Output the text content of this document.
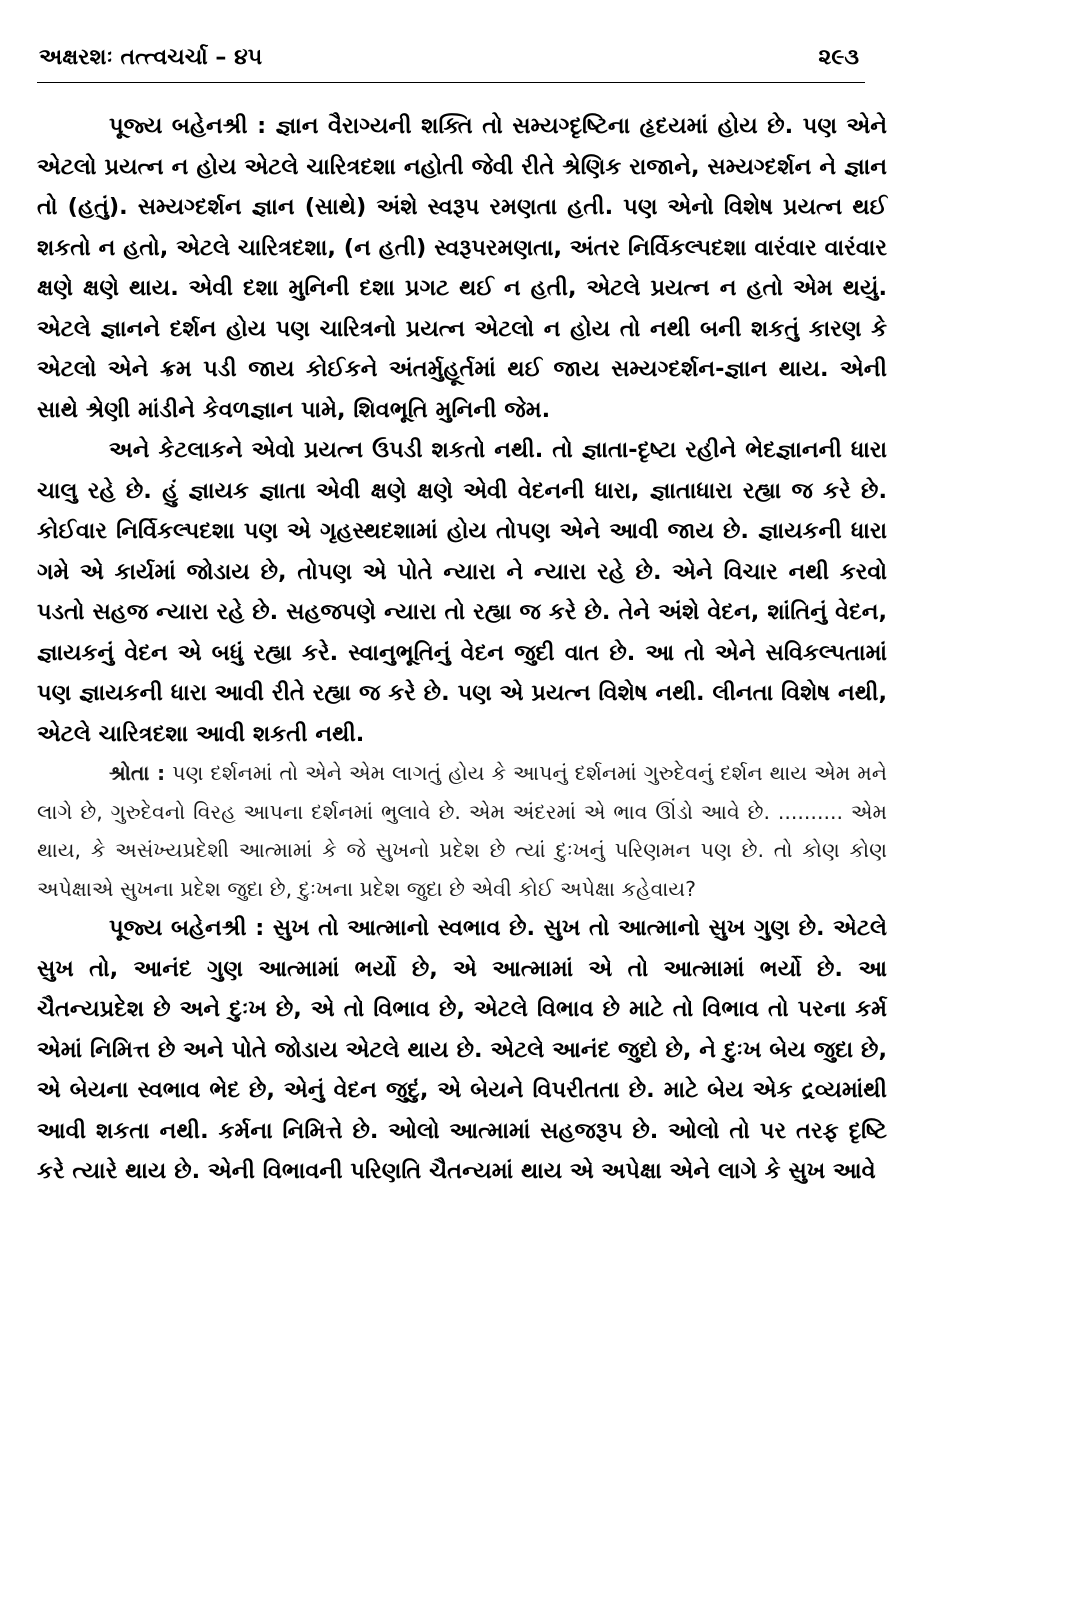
અક્ષરશઃ તત્ત્વચર્ચા – ૪૫	૨૯૩

પૂજ્ય બહેનશ્રી : જ્ઞાન વૈરાગ્યની શક્તિ તો સમ્યગ્દૃષ્ટિના હૃદયમાં હોય છે. પણ એને એટલો પ્રયત્ન ન હોય એટલે ચારિત્રદશા નહોતી જેવી રીતે શ્રેણિક રાજાને, સમ્યગ્દર્શન ને જ્ઞાન તો (હતું). સમ્યગ્દર્શન જ્ઞાન (સાથે) અંશે સ્વરૂપ રમણતા હતી. પણ એનો વિશેષ પ્રયત્ન થઈ શકતો ન હતો, એટલે ચારિત્રદશા, (ન હતી) સ્વરૂપરમણતા, અંતર નિર્વિકલ્પદશા વારંવાર વારંવાર ક્ષણે ક્ષણે થાય. એવી દશા મુનિની દશા પ્રગટ થઈ ન હતી, એટલે પ્રયત્ન ન હતો એમ થયું. એટલે જ્ઞાનને દર્શન હોય પણ ચારિત્રનો પ્રયત્ન એટલો ન હોય તો નથી બની શકતું કારણ કે એટલો એને ક્રમ પડી જાય કોઈકને અંતર્મુહૂર્તમાં થઈ જાય સમ્યગ્દર્શન-જ્ઞાન થાય. એની સાથે શ્રેણી માંડીને કેવળજ્ઞાન પામે, શિવભૂતિ મુનિની જેમ.

અને કેટલાકને એવો પ્રયત્ન ઉપડી શકતો નથી. તો જ્ઞાતા-દૃષ્ટા રહીને ભેદજ્ઞાનની ધારા ચાલુ રહે છે. હું જ્ઞાયક જ્ઞાતા એવી ક્ષણે ક્ષણે એવી વેદનની ધારા, જ્ઞાતાધારા રહ્યા જ કરે છે. કોઈવાર નિર્વિકલ્પદશા પણ એ ગૃહસ્થદશામાં હોય તોપણ એને આવી જાય છે. જ્ઞાયકની ધારા ગમે એ કાર્યમાં જોડાય છે, તોપણ એ પોતે ન્યારા ને ન્યારા રહે છે. એને વિચાર નથી કરવો પડતો સહજ ન્યારા રહે છે. સહજપણે ન્યારા તો રહ્યા જ કરે છે. તેને અંશે વેદન, શાંતિનું વેદન, જ્ઞાયકનું વેદન એ બધું રહ્યા કરે. સ્વાનુભૂતિનું વેદન જુદી વાત છે. આ તો એને સવિકલ્પતામાં પણ જ્ઞાયકની ધારા આવી રીતે રહ્યા જ કરે છે. પણ એ પ્રયત્ન વિશેષ નથી. લીનતા વિશેષ નથી, એટલે ચારિત્રદશા આવી શકતી નથી.

શ્રોતા : પણ દર્શનમાં તો એને એમ લાગતું હોય કે આપનું દર્શનમાં ગુરુદેવનું દર્શન થાય એમ મને લાગે છે, ગુરુદેવનો વિરહ આપના દર્શનમાં ભુલાવે છે. એમ અંદરમાં એ ભાવ ઊંડો આવે છે. .......... એમ થાય, કે અસંખ્યપ્રદેશી આત્મામાં કે જે સુખનો પ્રદેશ છે ત્યાં દુઃખનું પરિણમન પણ છે. તો કોણ કોણ અપેક્ષાએ સુખના પ્રદેશ જુદા છે, દુઃખના પ્રદેશ જુદા છે એવી કોઈ અપેક્ષા કહેવાય?

પૂજ્ય બહેનશ્રી : સુખ તો આત્માનો સ્વભાવ છે. સુખ તો આત્માનો સુખ ગુણ છે. એટલે સુખ તો, આનંદ ગુણ આત્મામાં ભર્યો છે, એ આત્મામાં એ તો આત્મામાં ભર્યો છે. આ ચૈતન્યપ્રદેશ છે અને દુઃખ છે, એ તો વિભાવ છે, એટલે વિભાવ છે માટે તો વિભાવ તો પરના કર્મ એમાં નિમિત્ત છે અને પોતે જોડાય એટલે થાય છે. એટલે આનંદ જુદો છે, ને દુઃખ બેય જુદા છે, એ બેયના સ્વભાવ ભેદ છે, એનું વેદન જુદું, એ બેયને વિપરીતતા છે. માટે બેય એક દ્રવ્યમાંથી આવી શકતા નથી. કર્મના નિમિત્તે છે. ઓલો આત્મામાં સહજરૂપ છે. ઓલો તો પર તરફ દૃષ્ટિ કરે ત્યારે થાય છે. એની વિભાવની પરિણતિ ચૈતન્યમાં થાય એ અપેક્ષા એને લાગે કે સુખ આવે
